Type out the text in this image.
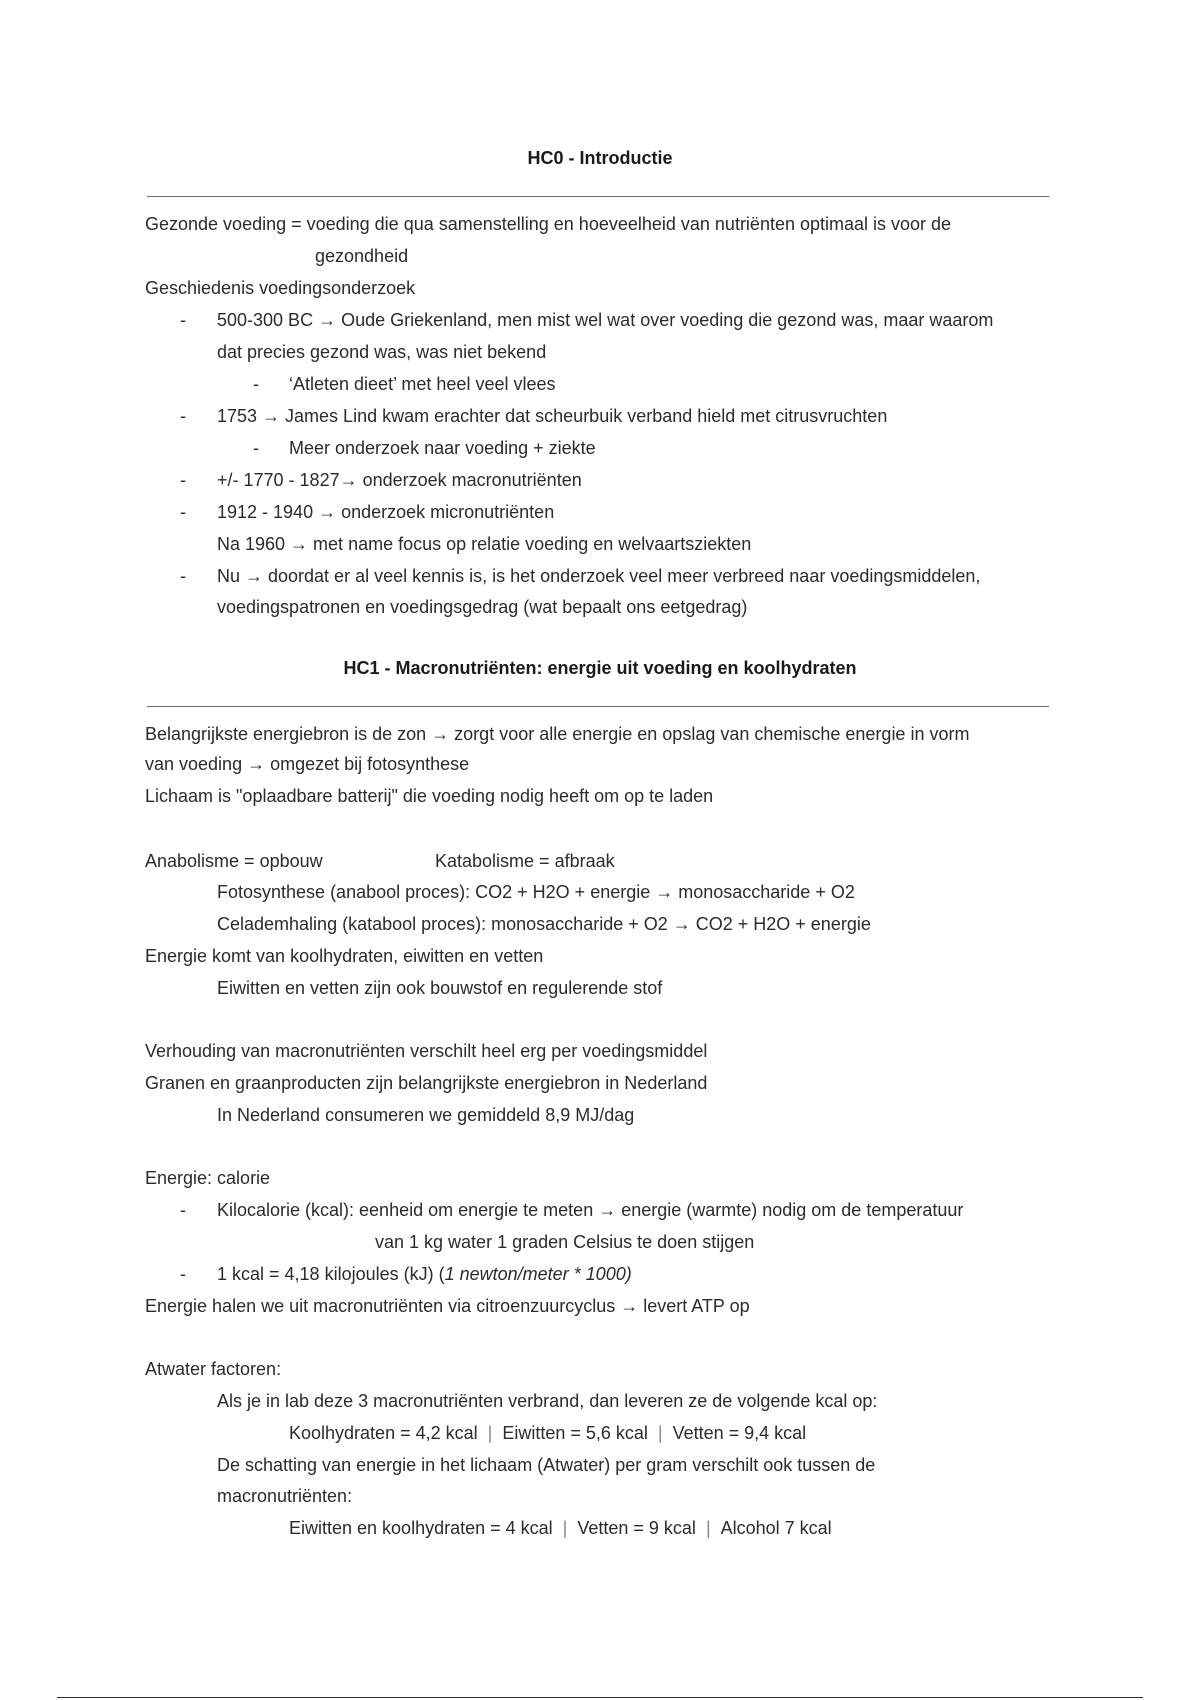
HC0 - Introductie
Gezonde voeding = voeding die qua samenstelling en hoeveelheid van nutriënten optimaal is voor de
gezondheid
Geschiedenis voedingsonderzoek
- 500-300 BC → Oude Griekenland, men mist wel wat over voeding die gezond was, maar waarom
dat precies gezond was, was niet bekend
- ‘Atleten dieet’ met heel veel vlees
- 1753 → James Lind kwam erachter dat scheurbuik verband hield met citrusvruchten
- Meer onderzoek naar voeding + ziekte
- +/- 1770 - 1827→ onderzoek macronutriënten
- 1912 - 1940 → onderzoek micronutriënten
Na 1960 → met name focus op relatie voeding en welvaartsziekten
- Nu → doordat er al veel kennis is, is het onderzoek veel meer verbreed naar voedingsmiddelen,
voedingspatronen en voedingsgedrag (wat bepaalt ons eetgedrag)
HC1 - Macronutriënten: energie uit voeding en koolhydraten
Belangrijkste energiebron is de zon → zorgt voor alle energie en opslag van chemische energie in vorm
van voeding → omgezet bij fotosynthese
Lichaam is "oplaadbare batterij" die voeding nodig heeft om op te laden
Anabolisme = opbouw	Katabolisme = afbraak
Fotosynthese (anabool proces): CO2 + H2O + energie → monosaccharide + O2
Celademhaling (katabool proces): monosaccharide + O2 → CO2 + H2O + energie
Energie komt van koolhydraten, eiwitten en vetten
Eiwitten en vetten zijn ook bouwstof en regulerende stof
Verhouding van macronutriënten verschilt heel erg per voedingsmiddel
Granen en graanproducten zijn belangrijkste energiebron in Nederland
In Nederland consumeren we gemiddeld 8,9 MJ/dag
Energie: calorie
- Kilocalorie (kcal): eenheid om energie te meten → energie (warmte) nodig om de temperatuur
van 1 kg water 1 graden Celsius te doen stijgen
- 1 kcal = 4,18 kilojoules (kJ) (1 newton/meter * 1000)
Energie halen we uit macronutriënten via citroenzuurcyclus → levert ATP op
Atwater factoren:
Als je in lab deze 3 macronutriënten verbrand, dan leveren ze de volgende kcal op:
Koolhydraten = 4,2 kcal | Eiwitten = 5,6 kcal | Vetten = 9,4 kcal
De schatting van energie in het lichaam (Atwater) per gram verschilt ook tussen de
macronutriënten:
Eiwitten en koolhydraten = 4 kcal | Vetten = 9 kcal | Alcohol 7 kcal
